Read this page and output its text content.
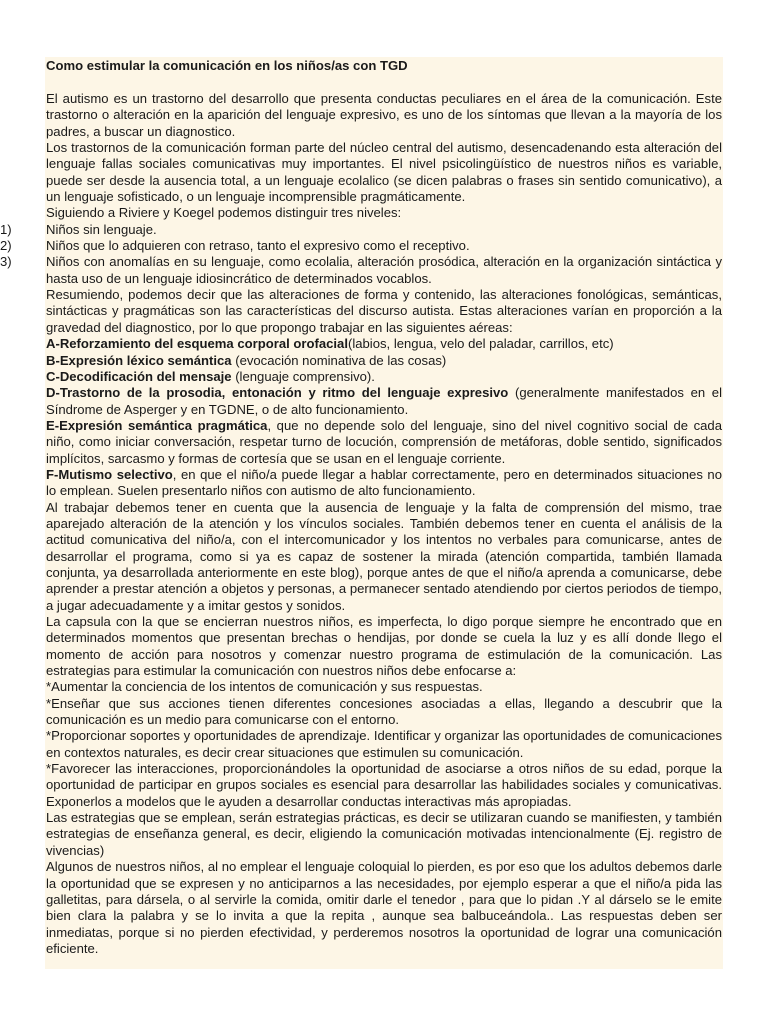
Como estimular la comunicación en los niños/as con TGD

El autismo es un trastorno del desarrollo que presenta conductas peculiares en el área de la comunicación. Este trastorno o alteración en la aparición del lenguaje expresivo, es uno de los síntomas que llevan a la mayoría de los padres, a buscar un diagnostico.

Los trastornos de la comunicación forman parte del núcleo central del autismo, desencadenando esta alteración del lenguaje fallas sociales comunicativas muy importantes. El nivel psicolingüístico de nuestros niños es variable, puede ser desde la ausencia total, a un lenguaje ecolalico (se dicen palabras o frases sin sentido comunicativo), a un lenguaje sofisticado, o un lenguaje incomprensible pragmáticamente.

Siguiendo a Riviere y Koegel podemos distinguir tres niveles:

1)	Niños sin lenguaje.
2)	Niños que lo adquieren con retraso, tanto el expresivo como el receptivo.
3)	Niños con anomalías en su lenguaje, como ecolalia, alteración prosódica, alteración en la organización sintáctica y hasta uso de un lenguaje idiosincrático de determinados vocablos.

Resumiendo, podemos decir que las alteraciones de forma y contenido, las alteraciones fonológicas, semánticas, sintácticas y pragmáticas son las características del discurso autista. Estas alteraciones varían en proporción a la gravedad del diagnostico, por lo que propongo trabajar en las siguientes aéreas:

A-Reforzamiento del esquema corporal orofacial(labios, lengua, velo del paladar, carrillos, etc)

B-Expresión léxico semántica (evocación nominativa de las cosas)

C-Decodificación del mensaje (lenguaje comprensivo).

D-Trastorno de la prosodia, entonación y ritmo del lenguaje expresivo (generalmente manifestados en el Síndrome de Asperger y en TGDNE, o de alto funcionamiento.

E-Expresión semántica pragmática, que no depende solo del lenguaje, sino del nivel cognitivo social de cada niño, como iniciar conversación, respetar turno de locución, comprensión de metáforas, doble sentido, significados implícitos, sarcasmo y formas de cortesía que se usan en el lenguaje corriente.

F-Mutismo selectivo, en que el niño/a puede llegar a hablar correctamente, pero en determinados situaciones no lo emplean. Suelen presentarlo niños con autismo de alto funcionamiento.

Al trabajar debemos tener en cuenta que la ausencia de lenguaje y la falta de comprensión del mismo, trae aparejado alteración de la atención y los vínculos sociales. También debemos tener en cuenta el análisis de la actitud comunicativa del niño/a, con el intercomunicador y los intentos no verbales para comunicarse, antes de desarrollar el programa, como si ya es capaz de sostener la mirada (atención compartida, también llamada conjunta, ya desarrollada anteriormente en este blog), porque antes de que el niño/a aprenda a comunicarse, debe aprender a prestar atención a objetos y personas, a permanecer sentado atendiendo por ciertos periodos de tiempo, a jugar adecuadamente y a imitar gestos y sonidos.

La capsula con la que se encierran nuestros niños, es imperfecta, lo digo porque siempre he encontrado que en determinados momentos que presentan brechas o hendijas, por donde se cuela la luz y es allí donde llego el momento de acción para nosotros y comenzar nuestro programa de estimulación de la comunicación. Las estrategias para estimular la comunicación con nuestros niños debe enfocarse a:

*Aumentar la conciencia de los intentos de comunicación y sus respuestas.

*Enseñar que sus acciones tienen diferentes concesiones asociadas a ellas, llegando a descubrir que la comunicación es un medio para comunicarse con el entorno.

*Proporcionar soportes y oportunidades de aprendizaje. Identificar y organizar las oportunidades de comunicaciones en contextos naturales, es decir crear situaciones que estimulen su comunicación.

*Favorecer las interacciones, proporcionándoles la oportunidad de asociarse a otros niños de su edad, porque la oportunidad de participar en grupos sociales es esencial para desarrollar las habilidades sociales y comunicativas. Exponerlos a modelos que le ayuden a desarrollar conductas interactivas más apropiadas.

Las estrategias que se emplean, serán estrategias prácticas, es decir se utilizaran cuando se manifiesten, y también estrategias de enseñanza general, es decir, eligiendo la comunicación motivadas intencionalmente (Ej. registro de vivencias)

Algunos de nuestros niños, al no emplear el lenguaje coloquial lo pierden, es por eso que los adultos debemos darle la oportunidad que se expresen y no anticiparnos a las necesidades, por ejemplo esperar a que el niño/a pida las galletitas, para dársela, o al servirle la comida, omitir darle el tenedor , para que lo pidan .Y al dárselo se le emite bien clara la palabra y se lo invita a que la repita , aunque sea balbuceándola.. Las respuestas deben ser inmediatas, porque si no pierden efectividad, y perderemos nosotros la oportunidad de lograr una comunicación eficiente.
